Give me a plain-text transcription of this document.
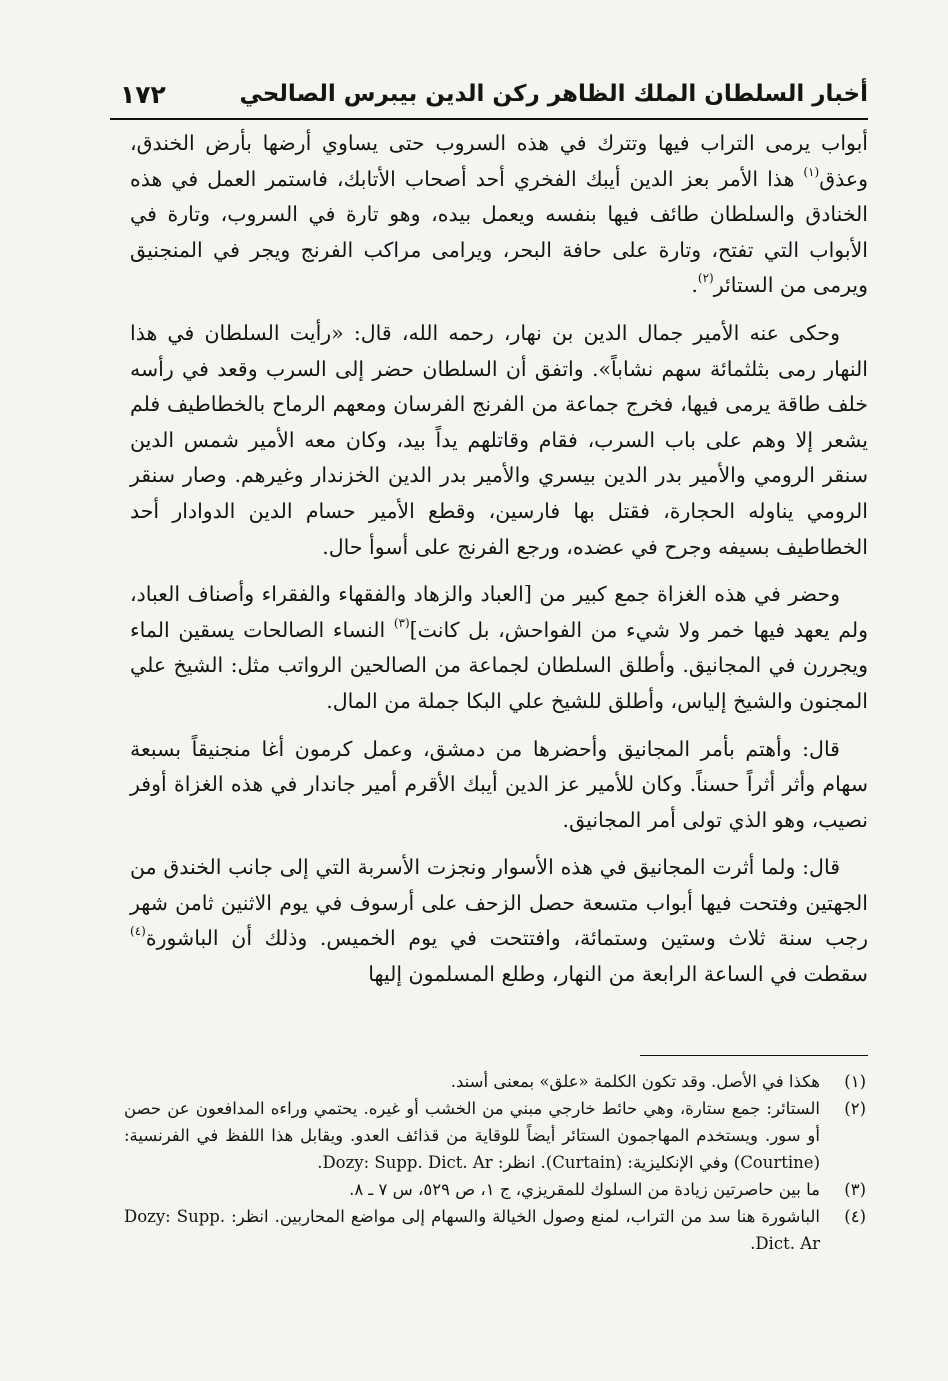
أخبار السلطان الملك الظاهر ركن الدين بيبرس الصالحي
١٧٢

أبواب يرمى التراب فيها وتترك في هذه السروب حتى يساوي أرضها بأرض الخندق، وعذق$^{(١)}$ هذا الأمر بعز الدين أيبك الفخري أحد أصحاب الأتابك، فاستمر العمل في هذه الخنادق والسلطان طائف فيها بنفسه ويعمل بيده، وهو تارة في السروب، وتارة في الأبواب التي تفتح، وتارة على حافة البحر، ويرامى مراكب الفرنج ويجر في المنجنيق ويرمى من الستائر$^{(٢)}$.

وحكى عنه الأمير جمال الدين بن نهار، رحمه الله، قال: «رأيت السلطان في هذا النهار رمى بثلثمائة سهم نشاباً». واتفق أن السلطان حضر إلى السرب وقعد في رأسه خلف طاقة يرمى فيها، فخرج جماعة من الفرنج الفرسان ومعهم الرماح بالخطاطيف فلم يشعر إلا وهم على باب السرب، فقام وقاتلهم يداً بيد، وكان معه الأمير شمس الدين سنقر الرومي والأمير بدر الدين بيسري والأمير بدر الدين الخزندار وغيرهم. وصار سنقر الرومي يناوله الحجارة، فقتل بها فارسين، وقطع الأمير حسام الدين الدوادار أحد الخطاطيف بسيفه وجرح في عضده، ورجع الفرنج على أسوأ حال.

وحضر في هذه الغزاة جمع كبير من [العباد والزهاد والفقهاء والفقراء وأصناف العباد، ولم يعهد فيها خمر ولا شيء من الفواحش، بل كانت]$^{(٣)}$ النساء الصالحات يسقين الماء ويجررن في المجانيق. وأطلق السلطان لجماعة من الصالحين الرواتب مثل: الشيخ علي المجنون والشيخ إلياس، وأطلق للشيخ علي البكا جملة من المال.

قال: وأهتم بأمر المجانيق وأحضرها من دمشق، وعمل كرمون أغا منجنيقاً بسبعة سهام وأثر أثراً حسناً. وكان للأمير عز الدين أيبك الأقرم أمير جاندار في هذه الغزاة أوفر نصيب، وهو الذي تولى أمر المجانيق.

قال: ولما أثرت المجانيق في هذه الأسوار ونجزت الأسربة التي إلى جانب الخندق من الجهتين وفتحت فيها أبواب متسعة حصل الزحف على أرسوف في يوم الاثنين ثامن شهر رجب سنة ثلاث وستين وستمائة، وافتتحت في يوم الخميس. وذلك أن الباشورة$^{(٤)}$ سقطت في الساعة الرابعة من النهار، وطلع المسلمون إليها

(١)
هكذا في الأصل. وقد تكون الكلمة «علق» بمعنى أسند.
(٢)
الستائر: جمع ستارة، وهي حائط خارجي مبني من الخشب أو غيره. يحتمي وراءه المدافعون عن حصن أو سور. ويستخدم المهاجمون الستائر أيضاً للوقاية من قذائف العدو. ويقابل هذا اللفظ في الفرنسية: (Courtine) وفي الإنكليزية: (Curtain). انظر: Dozy: Supp. Dict. Ar.
(٣)
ما بين حاصرتين زيادة من السلوك للمقريزي، ج ١، ص ٥٢٩، س ٧ ـ ٨.
(٤)
الباشورة هنا سد من التراب، لمنع وصول الخيالة والسهام إلى مواضع المحاربين. انظر: Dozy: Supp. Dict. Ar.
